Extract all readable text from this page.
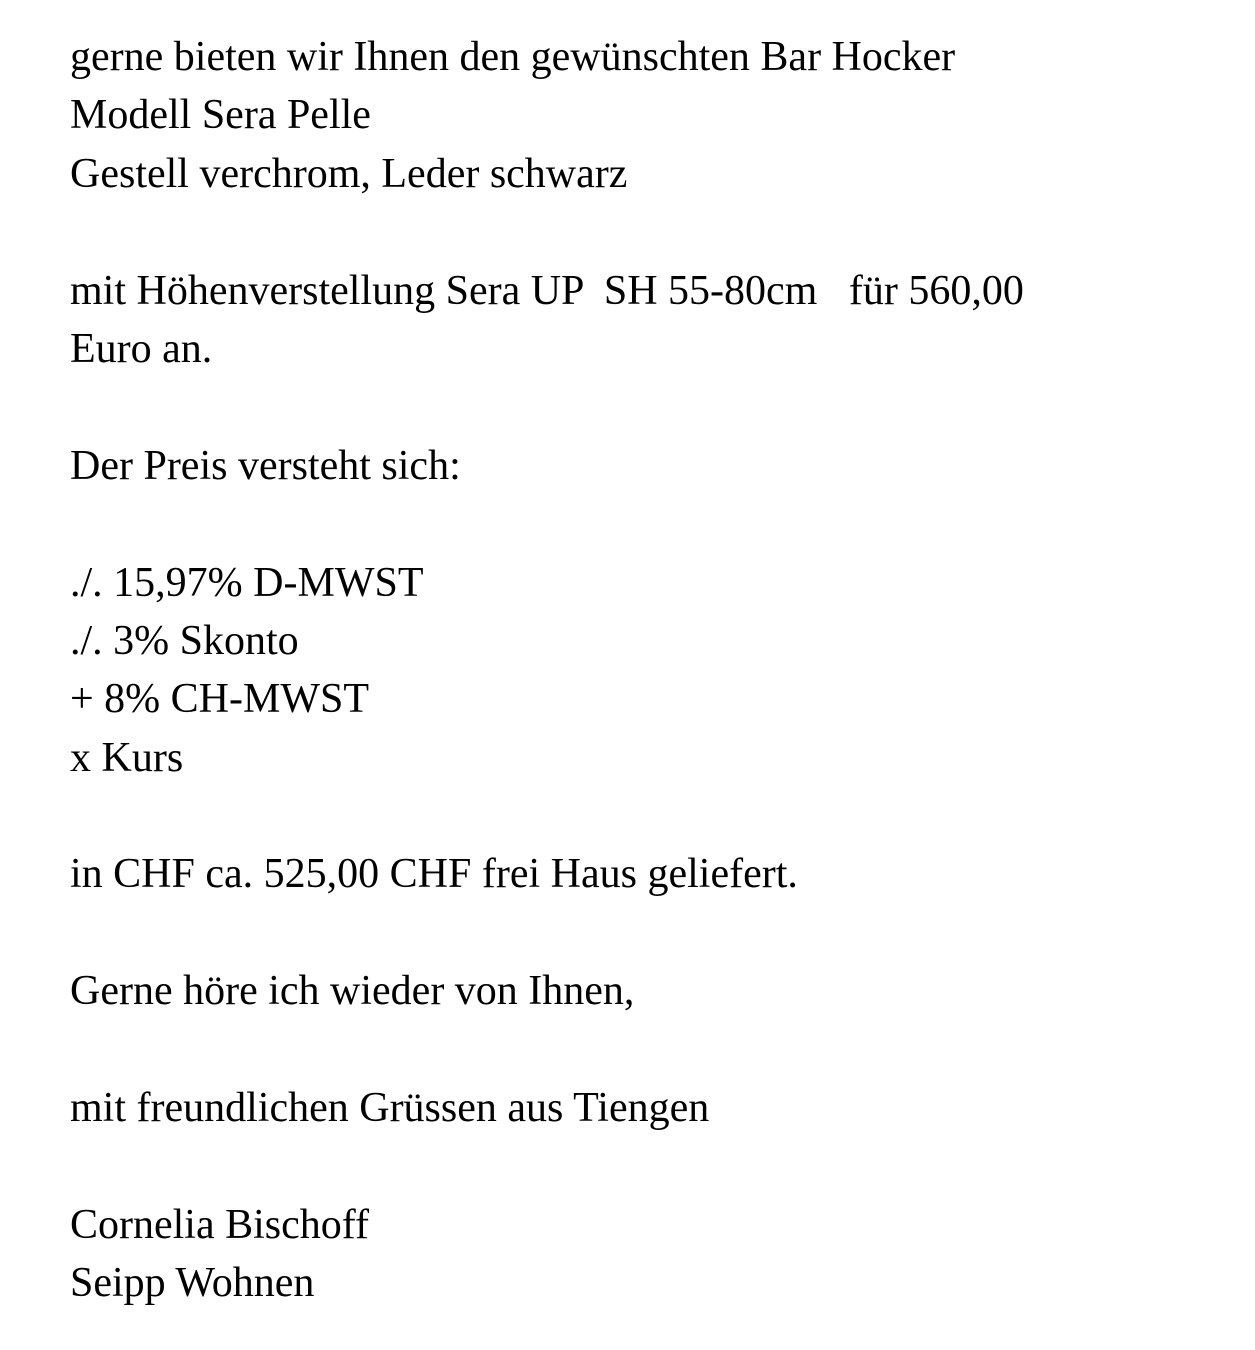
gerne bieten wir Ihnen den gewünschten Bar Hocker
Modell Sera Pelle
Gestell verchrom, Leder schwarz
mit Höhenverstellung Sera UP  SH 55-80cm   für 560,00
Euro an.
Der Preis versteht sich:
./. 15,97% D-MWST
./. 3% Skonto
+ 8% CH-MWST
x Kurs
in CHF ca. 525,00 CHF frei Haus geliefert.
Gerne höre ich wieder von Ihnen,
mit freundlichen Grüssen aus Tiengen
Cornelia Bischoff
Seipp Wohnen
